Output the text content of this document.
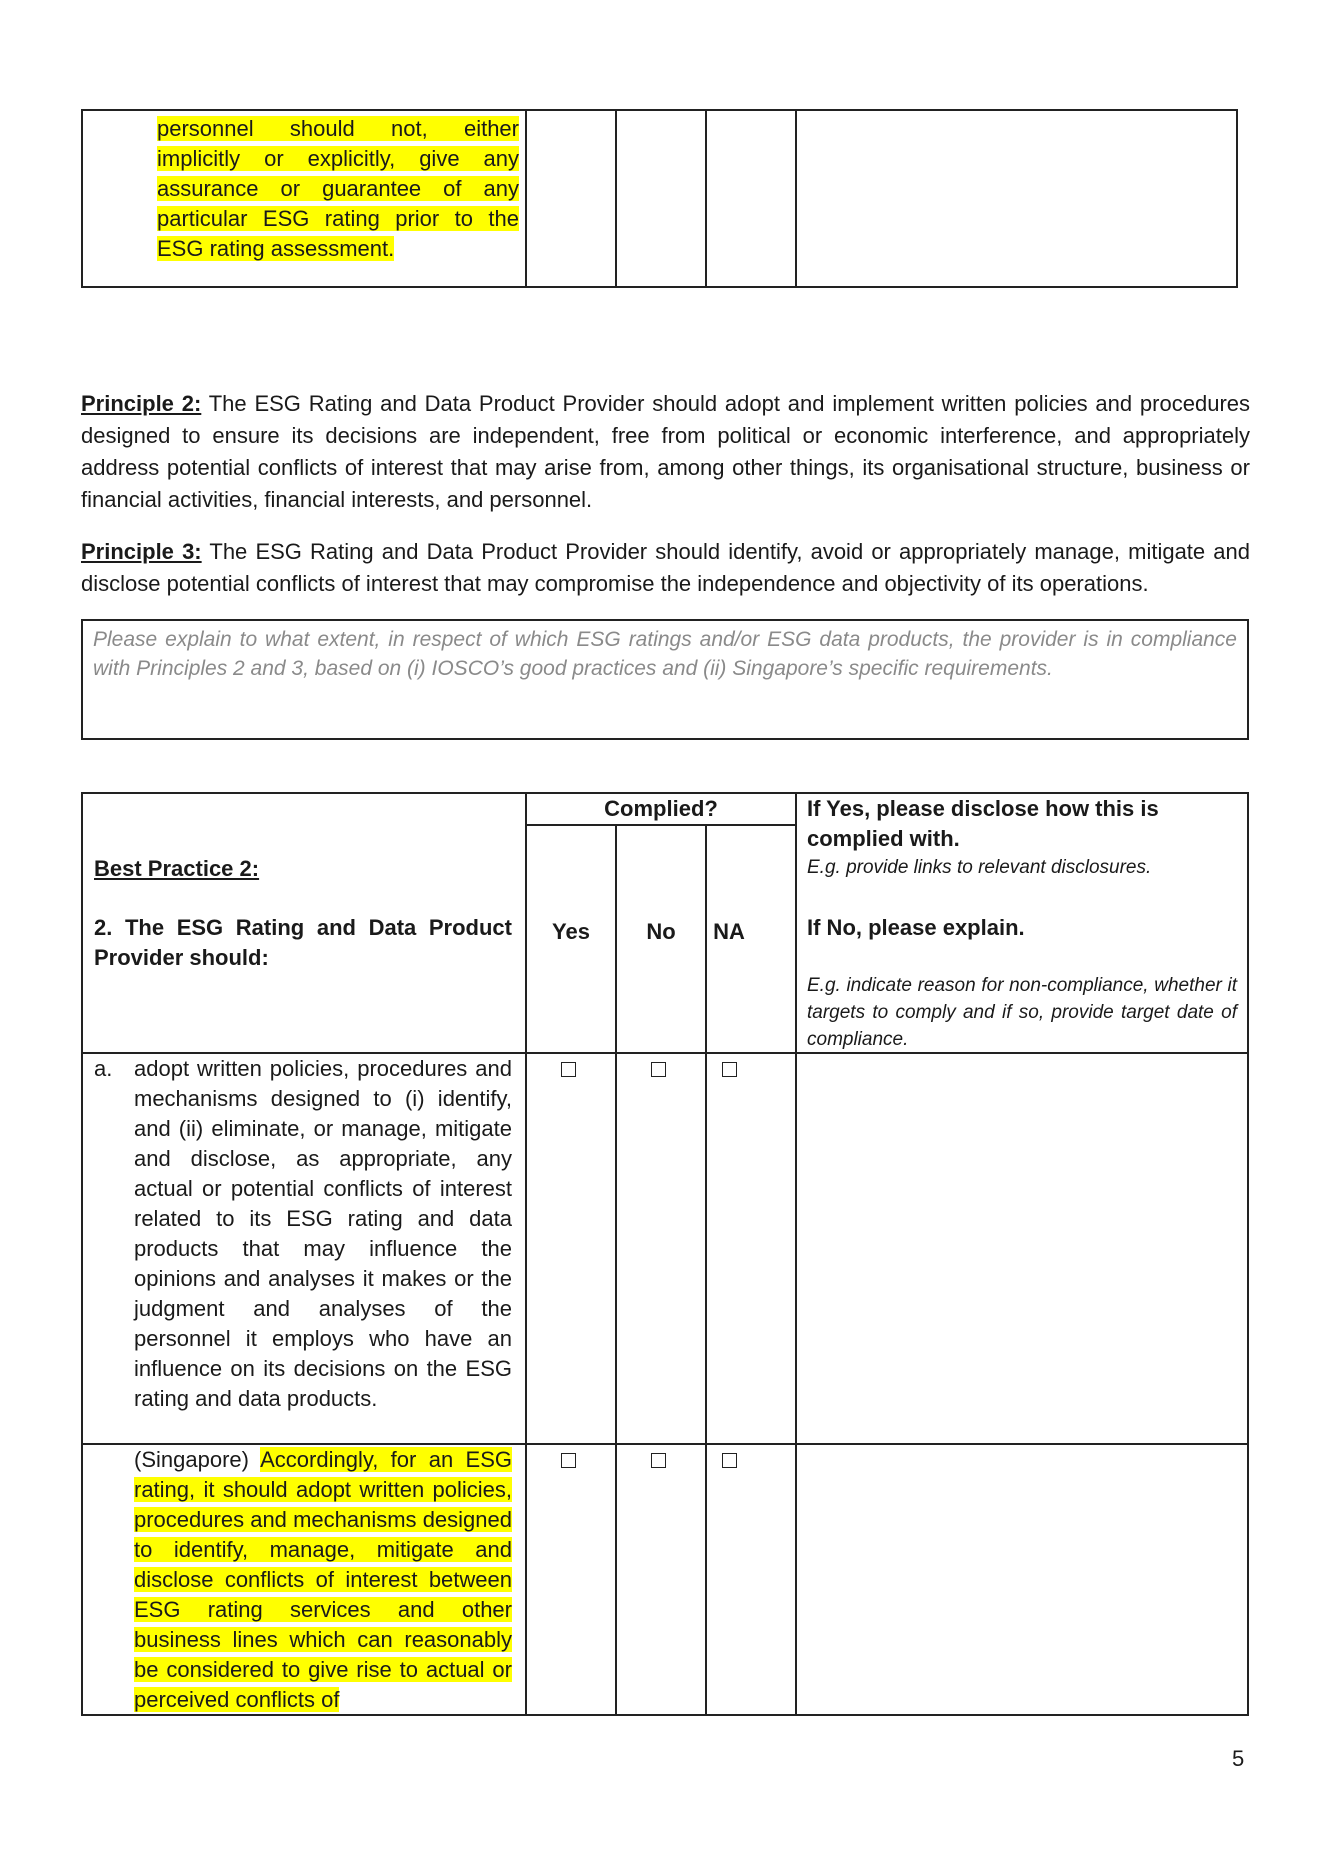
personnel should not, either
implicitly or explicitly, give any
assurance or guarantee of any
particular ESG rating prior to the
ESG rating assessment.
Principle 2: The ESG Rating and Data Product Provider should adopt and implement written policies and procedures designed to ensure its decisions are independent, free from political or economic interference, and appropriately address potential conflicts of interest that may arise from, among other things, its organisational structure, business or financial activities, financial interests, and personnel.
Principle 3: The ESG Rating and Data Product Provider should identify, avoid or appropriately manage, mitigate and disclose potential conflicts of interest that may compromise the independence and objectivity of its operations.
Please explain to what extent, in respect of which ESG ratings and/or ESG data products, the provider is in compliance with Principles 2 and 3, based on (i) IOSCO’s good practices and (ii) Singapore’s specific requirements.
Complied?
Yes	No	NA
Best Practice 2:
2. The ESG Rating and Data Product Provider should:
If Yes, please disclose how this is complied with.
E.g. provide links to relevant disclosures.
If No, please explain.
E.g. indicate reason for non-compliance, whether it targets to comply and if so, provide target date of compliance.
a. adopt written policies, procedures and mechanisms designed to (i) identify, and (ii) eliminate, or manage, mitigate and disclose, as appropriate, any actual or potential conflicts of interest related to its ESG rating and data products that may influence the opinions and analyses it makes or the judgment and analyses of the personnel it employs who have an influence on its decisions on the ESG rating and data products.
(Singapore) Accordingly, for an ESG rating, it should adopt written policies, procedures and mechanisms designed to identify, manage, mitigate and disclose conflicts of interest between ESG rating services and other business lines which can reasonably be considered to give rise to actual or perceived conflicts of
5
